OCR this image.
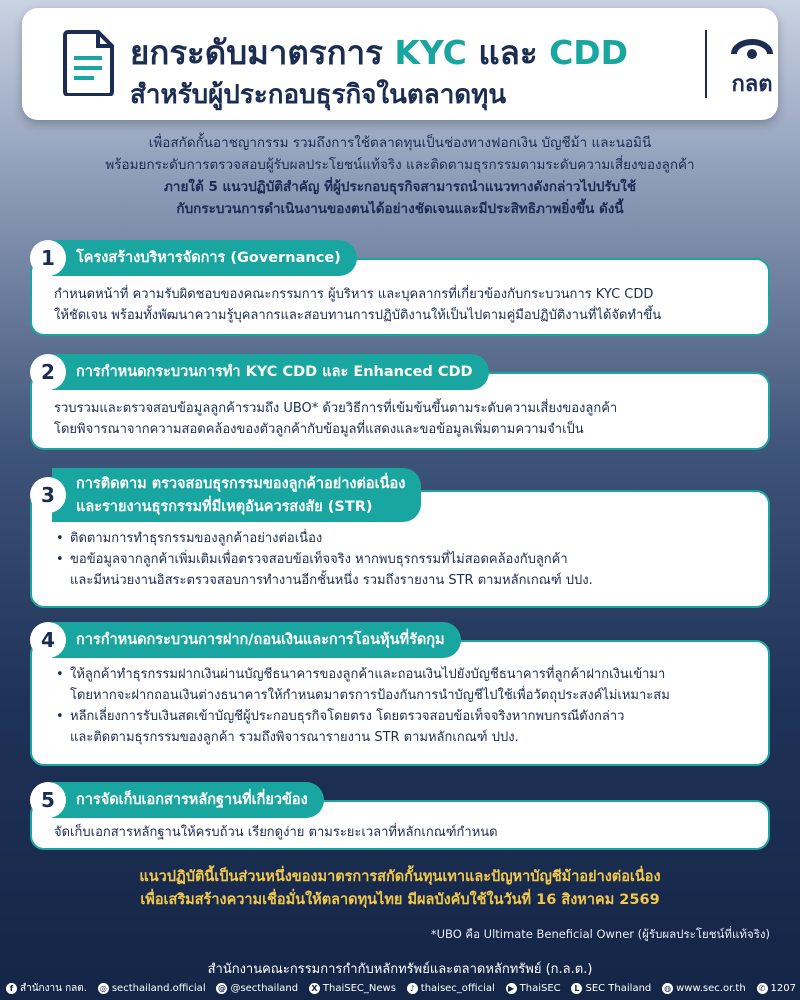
ยกระดับมาตรการ KYC และ CDD
สำหรับผู้ประกอบธุรกิจในตลาดทุน	กลต
เพื่อสกัดกั้นอาชญากรรม รวมถึงการใช้ตลาดทุนเป็นช่องทางฟอกเงิน บัญชีม้า และนอมินี
พร้อมยกระดับการตรวจสอบผู้รับผลประโยชน์แท้จริง และติดตามธุรกรรมตามระดับความเสี่ยงของลูกค้า
ภายใต้ 5 แนวปฏิบัติสำคัญ ที่ผู้ประกอบธุรกิจสามารถนำแนวทางดังกล่าวไปปรับใช้
กับกระบวนการดำเนินงานของตนได้อย่างชัดเจนและมีประสิทธิภาพยิ่งขึ้น ดังนี้
กำหนดหน้าที่ ความรับผิดชอบของคณะกรรมการ ผู้บริหาร และบุคลากรที่เกี่ยวข้องกับกระบวนการ KYC CDD
ให้ชัดเจน พร้อมทั้งพัฒนาความรู้บุคลากรและสอบทานการปฏิบัติงานให้เป็นไปตามคู่มือปฏิบัติงานที่ได้จัดทำขึ้น
โครงสร้างบริหารจัดการ (Governance)
1
รวบรวมและตรวจสอบข้อมูลลูกค้ารวมถึง UBO* ด้วยวิธีการที่เข้มข้นขึ้นตามระดับความเสี่ยงของลูกค้า
โดยพิจารณาจากความสอดคล้องของตัวลูกค้ากับข้อมูลที่แสดงและขอข้อมูลเพิ่มตามความจำเป็น
การกำหนดกระบวนการทำ KYC CDD และ Enhanced CDD
2
• ติดตามการทำธุรกรรมของลูกค้าอย่างต่อเนื่อง
• ขอข้อมูลจากลูกค้าเพิ่มเติมเพื่อตรวจสอบข้อเท็จจริง หากพบธุรกรรมที่ไม่สอดคล้องกับลูกค้า
และมีหน่วยงานอิสระตรวจสอบการทำงานอีกชั้นหนึ่ง รวมถึงรายงาน STR ตามหลักเกณฑ์ ปปง.
การติดตาม ตรวจสอบธุรกรรมของลูกค้าอย่างต่อเนื่อง
และรายงานธุรกรรมที่มีเหตุอันควรสงสัย (STR)
3
• ให้ลูกค้าทำธุรกรรมฝากเงินผ่านบัญชีธนาคารของลูกค้าและถอนเงินไปยังบัญชีธนาคารที่ลูกค้าฝากเงินเข้ามา
โดยหากจะฝากถอนเงินต่างธนาคารให้กำหนดมาตรการป้องกันการนำบัญชีไปใช้เพื่อวัตถุประสงค์ไม่เหมาะสม
• หลีกเลี่ยงการรับเงินสดเข้าบัญชีผู้ประกอบธุรกิจโดยตรง โดยตรวจสอบข้อเท็จจริงหากพบกรณีดังกล่าว
และติดตามธุรกรรมของลูกค้า รวมถึงพิจารณารายงาน STR ตามหลักเกณฑ์ ปปง.
การกำหนดกระบวนการฝาก/ถอนเงินและการโอนหุ้นที่รัดกุม
4
จัดเก็บเอกสารหลักฐานให้ครบถ้วน เรียกดูง่าย ตามระยะเวลาที่หลักเกณฑ์กำหนด
การจัดเก็บเอกสารหลักฐานที่เกี่ยวข้อง
5
แนวปฏิบัตินี้เป็นส่วนหนึ่งของมาตรการสกัดกั้นทุนเทาและปัญหาบัญชีม้าอย่างต่อเนื่อง
เพื่อเสริมสร้างความเชื่อมั่นให้ตลาดทุนไทย มีผลบังคับใช้ในวันที่ 16 สิงหาคม 2569
*UBO คือ Ultimate Beneficial Owner (ผู้รับผลประโยชน์ที่แท้จริง)
สำนักงานคณะกรรมการกำกับหลักทรัพย์และตลาดหลักทรัพย์ (ก.ล.ต.)
f สำนักงาน กลต. ◎ secthailand.official @ @secthailand	X ThaiSEC_News	♪ thaisec_official	▶ ThaiSEC	L SEC Thailand ◍ www.sec.or.th ✆ 1207
